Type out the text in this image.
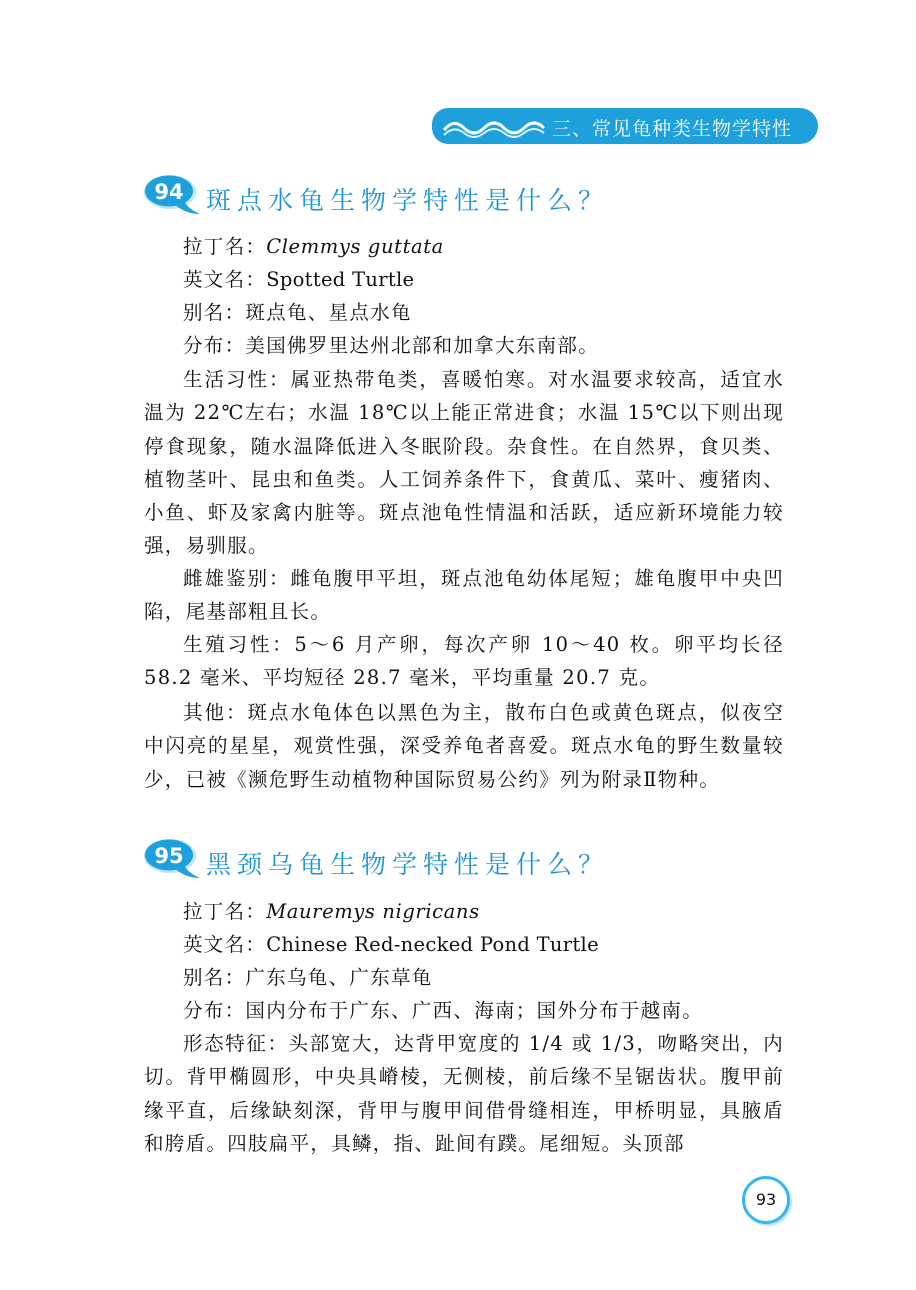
三、常见龟种类生物学特性
94 斑点水龟生物学特性是什么？

拉丁名：Clemmys guttata

英文名：Spotted Turtle

别名：斑点龟、星点水龟

分布：美国佛罗里达州北部和加拿大东南部。

生活习性：属亚热带龟类，喜暖怕寒。对水温要求较高，适宜水温为 22℃左右；水温 18℃以上能正常进食；水温 15℃以下则出现停食现象，随水温降低进入冬眠阶段。杂食性。在自然界，食贝类、植物茎叶、昆虫和鱼类。人工饲养条件下，食黄瓜、菜叶、瘦猪肉、小鱼、虾及家禽内脏等。斑点池龟性情温和活跃，适应新环境能力较强，易驯服。

雌雄鉴别：雌龟腹甲平坦，斑点池龟幼体尾短；雄龟腹甲中央凹陷，尾基部粗且长。

生殖习性：5～6 月产卵，每次产卵 10～40 枚。卵平均长径 58.2 毫米、平均短径 28.7 毫米，平均重量 20.7 克。

其他：斑点水龟体色以黑色为主，散布白色或黄色斑点，似夜空中闪亮的星星，观赏性强，深受养龟者喜爱。斑点水龟的野生数量较少，已被《濒危野生动植物种国际贸易公约》列为附录Ⅱ物种。

95 黑颈乌龟生物学特性是什么？

拉丁名：Mauremys nigricans

英文名：Chinese Red-necked Pond Turtle

别名：广东乌龟、广东草龟

分布：国内分布于广东、广西、海南；国外分布于越南。

形态特征：头部宽大，达背甲宽度的 1/4 或 1/3，吻略突出，内切。背甲椭圆形，中央具嵴棱，无侧棱，前后缘不呈锯齿状。腹甲前缘平直，后缘缺刻深，背甲与腹甲间借骨缝相连，甲桥明显，具腋盾和胯盾。四肢扁平，具鳞，指、趾间有蹼。尾细短。头顶部

93
